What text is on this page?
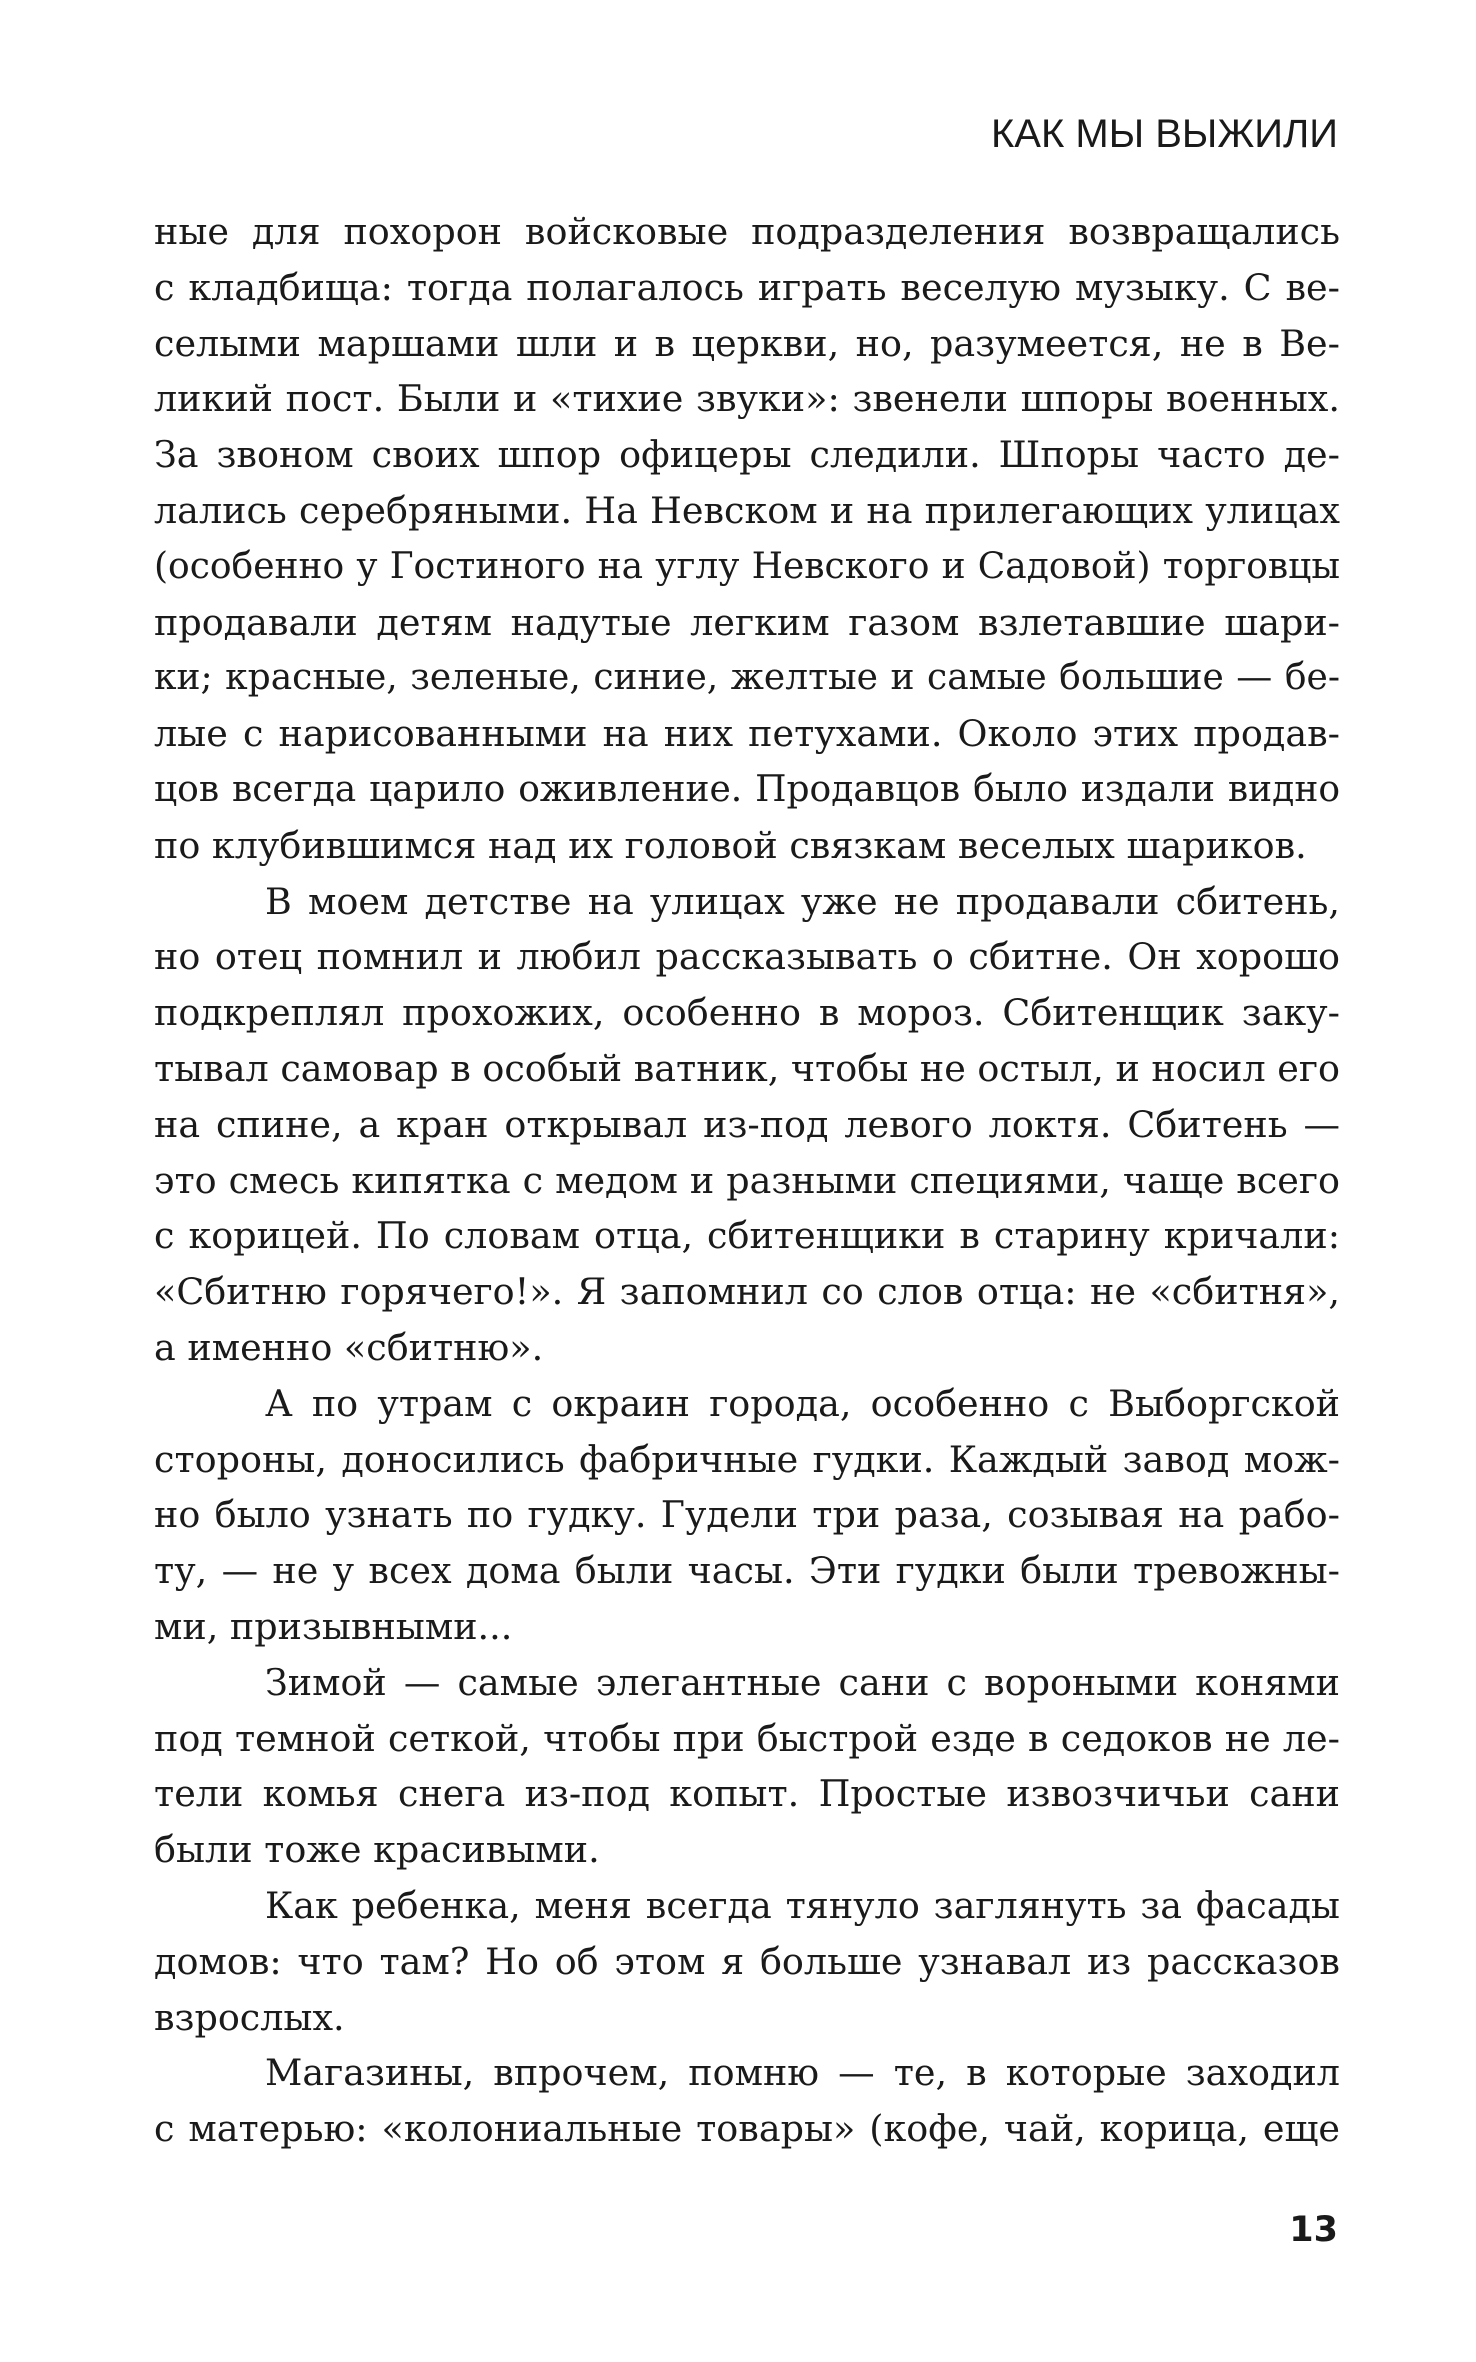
КАК МЫ ВЫЖИЛИ
ные для похорон войсковые подразделения возвращались
с кладбища: тогда полагалось играть веселую музыку. С ве-
селыми маршами шли и в церкви, но, разумеется, не в Ве-
ликий пост. Были и «тихие звуки»: звенели шпоры военных.
За звоном своих шпор офицеры следили. Шпоры часто де-
лались серебряными. На Невском и на прилегающих улицах
(особенно у Гостиного на углу Невского и Садовой) торговцы
продавали детям надутые легким газом взлетавшие шари-
ки; красные, зеленые, синие, желтые и самые большие — бе-
лые с нарисованными на них петухами. Около этих продав-
цов всегда царило оживление. Продавцов было издали видно
по клубившимся над их головой связкам веселых шариков.
В моем детстве на улицах уже не продавали сбитень,
но отец помнил и любил рассказывать о сбитне. Он хорошо
подкреплял прохожих, особенно в мороз. Сбитенщик заку-
тывал самовар в особый ватник, чтобы не остыл, и носил его
на спине, а кран открывал из-под левого локтя. Сбитень —
это смесь кипятка с медом и разными специями, чаще всего
с корицей. По словам отца, сбитенщики в старину кричали:
«Сбитню горячего!». Я запомнил со слов отца: не «сбитня»,
а именно «сбитню».
А по утрам с окраин города, особенно с Выборгской
стороны, доносились фабричные гудки. Каждый завод мож-
но было узнать по гудку. Гудели три раза, созывая на рабо-
ту, — не у всех дома были часы. Эти гудки были тревожны-
ми, призывными...
Зимой — самые элегантные сани с вороными конями
под темной сеткой, чтобы при быстрой езде в седоков не ле-
тели комья снега из-под копыт. Простые извозчичьи сани
были тоже красивыми.
Как ребенка, меня всегда тянуло заглянуть за фасады
домов: что там? Но об этом я больше узнавал из рассказов
взрослых.
Магазины, впрочем, помню — те, в которые заходил
с матерью: «колониальные товары» (кофе, чай, корица, еще
13
